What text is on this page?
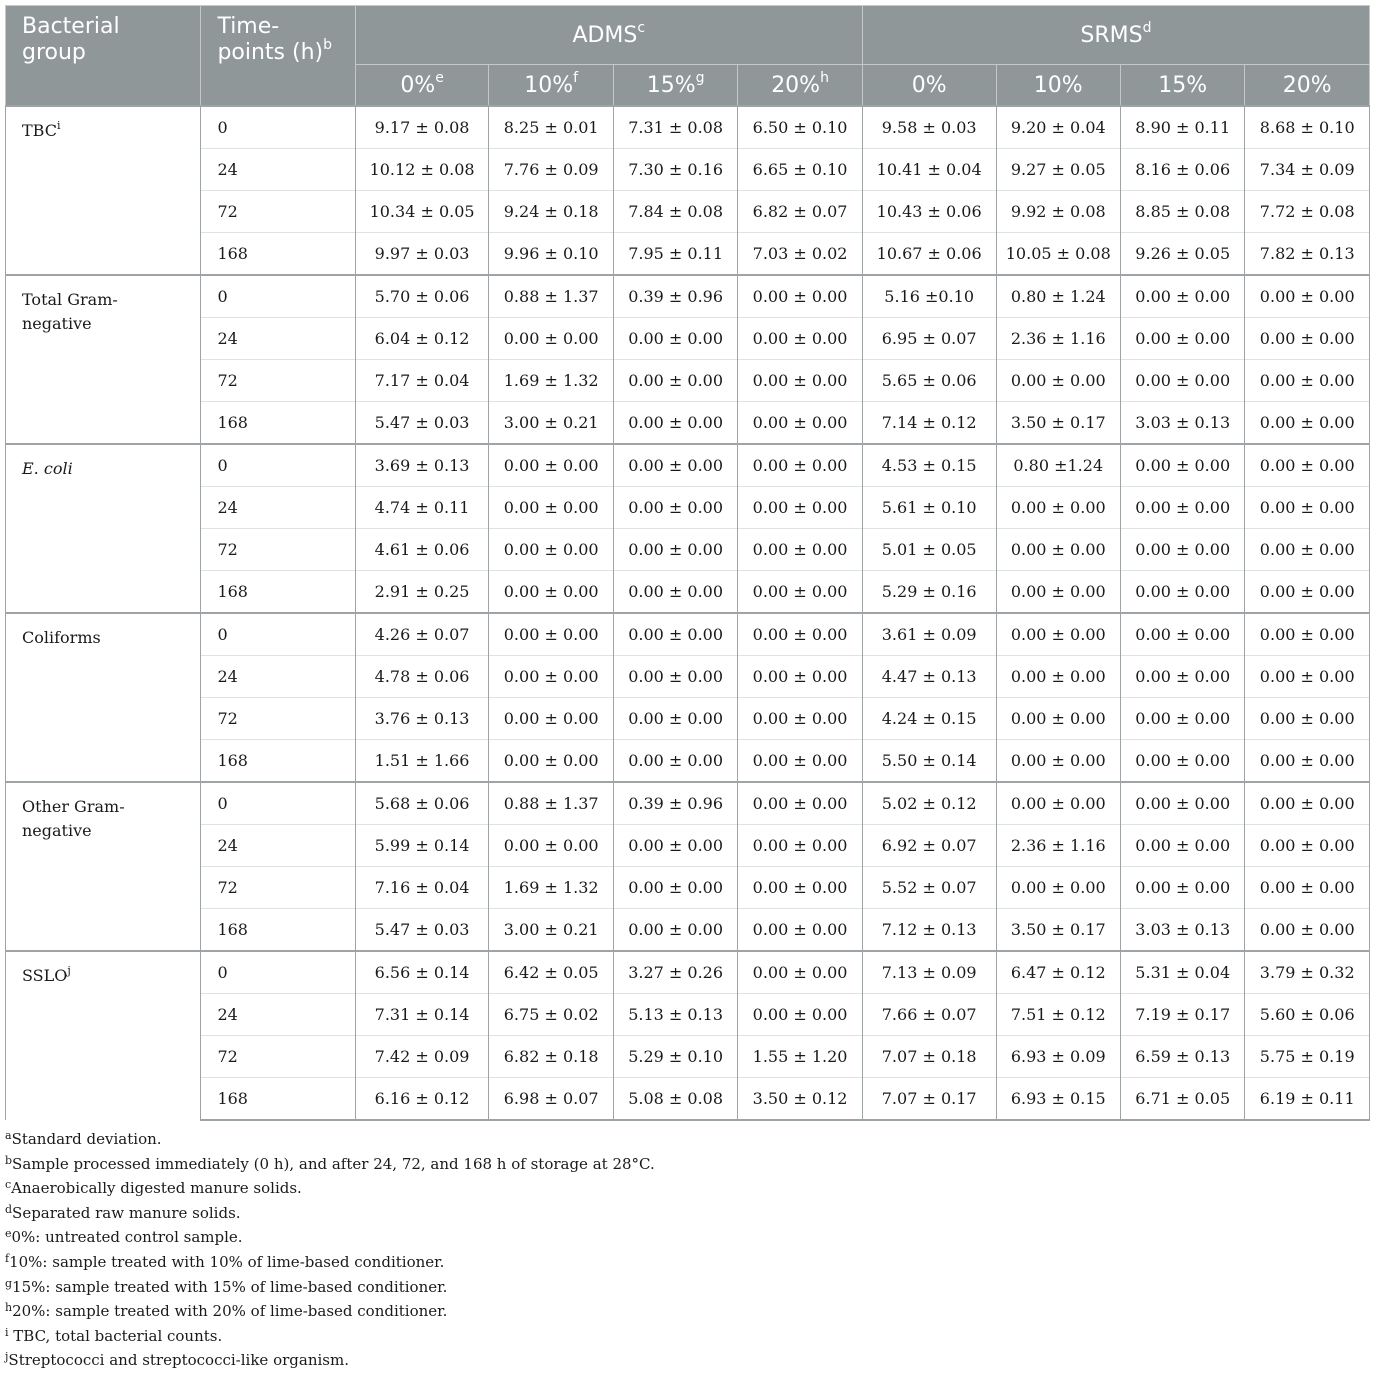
Bacterial group	Time-points $(h)^b$	ADMS$^c$				SRMS$^d$
		0%$^e$	10%$^f$	15%$^g$	20%$^h$	0%	10%	15%	20%
TBC$^i$	0	9.17 ± 0.08	8.25 ± 0.01	7.31 ± 0.08	6.50 ± 0.10	9.58 ± 0.03	9.20 ± 0.04	8.90 ± 0.11	8.68 ± 0.10
	24	10.12 ± 0.08	7.76 ± 0.09	7.30 ± 0.16	6.65 ± 0.10	10.41 ± 0.04	9.27 ± 0.05	8.16 ± 0.06	7.34 ± 0.09
	72	10.34 ± 0.05	9.24 ± 0.18	7.84 ± 0.08	6.82 ± 0.07	10.43 ± 0.06	9.92 ± 0.08	8.85 ± 0.08	7.72 ± 0.08
	168	9.97 ± 0.03	9.96 ± 0.10	7.95 ± 0.11	7.03 ± 0.02	10.67 ± 0.06	10.05 ± 0.08	9.26 ± 0.05	7.82 ± 0.13
Total Gram-negative	0	5.70 ± 0.06	0.88 ± 1.37	0.39 ± 0.96	0.00 ± 0.00	5.16 ±0.10	0.80 ± 1.24	0.00 ± 0.00	0.00 ± 0.00
	24	6.04 ± 0.12	0.00 ± 0.00	0.00 ± 0.00	0.00 ± 0.00	6.95 ± 0.07	2.36 ± 1.16	0.00 ± 0.00	0.00 ± 0.00
	72	7.17 ± 0.04	1.69 ± 1.32	0.00 ± 0.00	0.00 ± 0.00	5.65 ± 0.06	0.00 ± 0.00	0.00 ± 0.00	0.00 ± 0.00
	168	5.47 ± 0.03	3.00 ± 0.21	0.00 ± 0.00	0.00 ± 0.00	7.14 ± 0.12	3.50 ± 0.17	3.03 ± 0.13	0.00 ± 0.00
E. coli	0	3.69 ± 0.13	0.00 ± 0.00	0.00 ± 0.00	0.00 ± 0.00	4.53 ± 0.15	0.80 ±1.24	0.00 ± 0.00	0.00 ± 0.00
	24	4.74 ± 0.11	0.00 ± 0.00	0.00 ± 0.00	0.00 ± 0.00	5.61 ± 0.10	0.00 ± 0.00	0.00 ± 0.00	0.00 ± 0.00
	72	4.61 ± 0.06	0.00 ± 0.00	0.00 ± 0.00	0.00 ± 0.00	5.01 ± 0.05	0.00 ± 0.00	0.00 ± 0.00	0.00 ± 0.00
	168	2.91 ± 0.25	0.00 ± 0.00	0.00 ± 0.00	0.00 ± 0.00	5.29 ± 0.16	0.00 ± 0.00	0.00 ± 0.00	0.00 ± 0.00
Coliforms	0	4.26 ± 0.07	0.00 ± 0.00	0.00 ± 0.00	0.00 ± 0.00	3.61 ± 0.09	0.00 ± 0.00	0.00 ± 0.00	0.00 ± 0.00
	24	4.78 ± 0.06	0.00 ± 0.00	0.00 ± 0.00	0.00 ± 0.00	4.47 ± 0.13	0.00 ± 0.00	0.00 ± 0.00	0.00 ± 0.00
	72	3.76 ± 0.13	0.00 ± 0.00	0.00 ± 0.00	0.00 ± 0.00	4.24 ± 0.15	0.00 ± 0.00	0.00 ± 0.00	0.00 ± 0.00
	168	1.51 ± 1.66	0.00 ± 0.00	0.00 ± 0.00	0.00 ± 0.00	5.50 ± 0.14	0.00 ± 0.00	0.00 ± 0.00	0.00 ± 0.00
Other Gram-negative	0	5.68 ± 0.06	0.88 ± 1.37	0.39 ± 0.96	0.00 ± 0.00	5.02 ± 0.12	0.00 ± 0.00	0.00 ± 0.00	0.00 ± 0.00
	24	5.99 ± 0.14	0.00 ± 0.00	0.00 ± 0.00	0.00 ± 0.00	6.92 ± 0.07	2.36 ± 1.16	0.00 ± 0.00	0.00 ± 0.00
	72	7.16 ± 0.04	1.69 ± 1.32	0.00 ± 0.00	0.00 ± 0.00	5.52 ± 0.07	0.00 ± 0.00	0.00 ± 0.00	0.00 ± 0.00
	168	5.47 ± 0.03	3.00 ± 0.21	0.00 ± 0.00	0.00 ± 0.00	7.12 ± 0.13	3.50 ± 0.17	3.03 ± 0.13	0.00 ± 0.00
SSLO$^j$	0	6.56 ± 0.14	6.42 ± 0.05	3.27 ± 0.26	0.00 ± 0.00	7.13 ± 0.09	6.47 ± 0.12	5.31 ± 0.04	3.79 ± 0.32
	24	7.31 ± 0.14	6.75 ± 0.02	5.13 ± 0.13	0.00 ± 0.00	7.66 ± 0.07	7.51 ± 0.12	7.19 ± 0.17	5.60 ± 0.06
	72	7.42 ± 0.09	6.82 ± 0.18	5.29 ± 0.10	1.55 ± 1.20	7.07 ± 0.18	6.93 ± 0.09	6.59 ± 0.13	5.75 ± 0.19
	168	6.16 ± 0.12	6.98 ± 0.07	5.08 ± 0.08	3.50 ± 0.12	7.07 ± 0.17	6.93 ± 0.15	6.71 ± 0.05	6.19 ± 0.11
$^a$Standard deviation.
$^b$Sample processed immediately (0 h), and after 24, 72, and 168 h of storage at 28°C.
$^c$Anaerobically digested manure solids.
$^d$Separated raw manure solids.
$^e$0%: untreated control sample.
$^f$10%: sample treated with 10% of lime-based conditioner.
$^g$15%: sample treated with 15% of lime-based conditioner.
$^h$20%: sample treated with 20% of lime-based conditioner.
$^i$ TBC, total bacterial counts.
$^j$Streptococci and streptococci-like organism.
